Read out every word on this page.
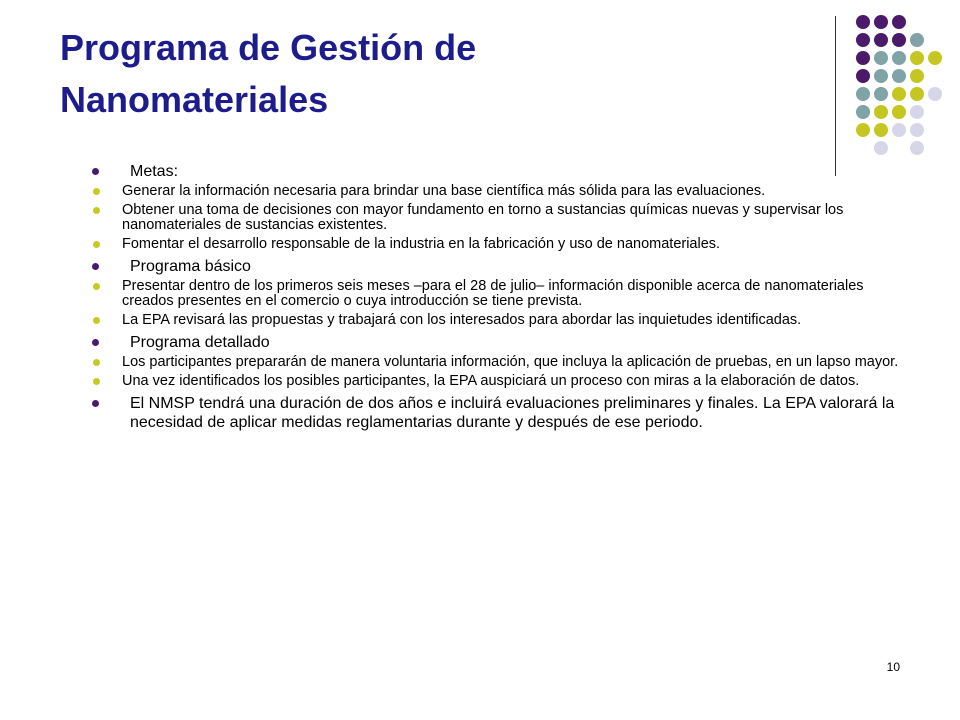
Programa de Gestión de
Nanomateriales
Metas:
Generar la información necesaria para brindar una base científica más sólida para las evaluaciones.
Obtener una toma de decisiones con mayor fundamento en torno a sustancias químicas nuevas y supervisar los nanomateriales de sustancias existentes.
Fomentar el desarrollo responsable de la industria en la fabricación y uso de nanomateriales.
Programa básico
Presentar dentro de los primeros seis meses –para el 28 de julio– información disponible acerca de nanomateriales creados presentes en el comercio o cuya introducción se tiene prevista.
La EPA revisará las propuestas y trabajará con los interesados para abordar las inquietudes identificadas.
Programa detallado
Los participantes prepararán de manera voluntaria información, que incluya la aplicación de pruebas, en un lapso mayor.
Una vez identificados los posibles participantes, la EPA auspiciará un proceso con miras a la elaboración de datos.
El NMSP tendrá una duración de dos años e incluirá evaluaciones preliminares y finales. La EPA valorará la necesidad de aplicar medidas reglamentarias durante y después de ese periodo.
10
